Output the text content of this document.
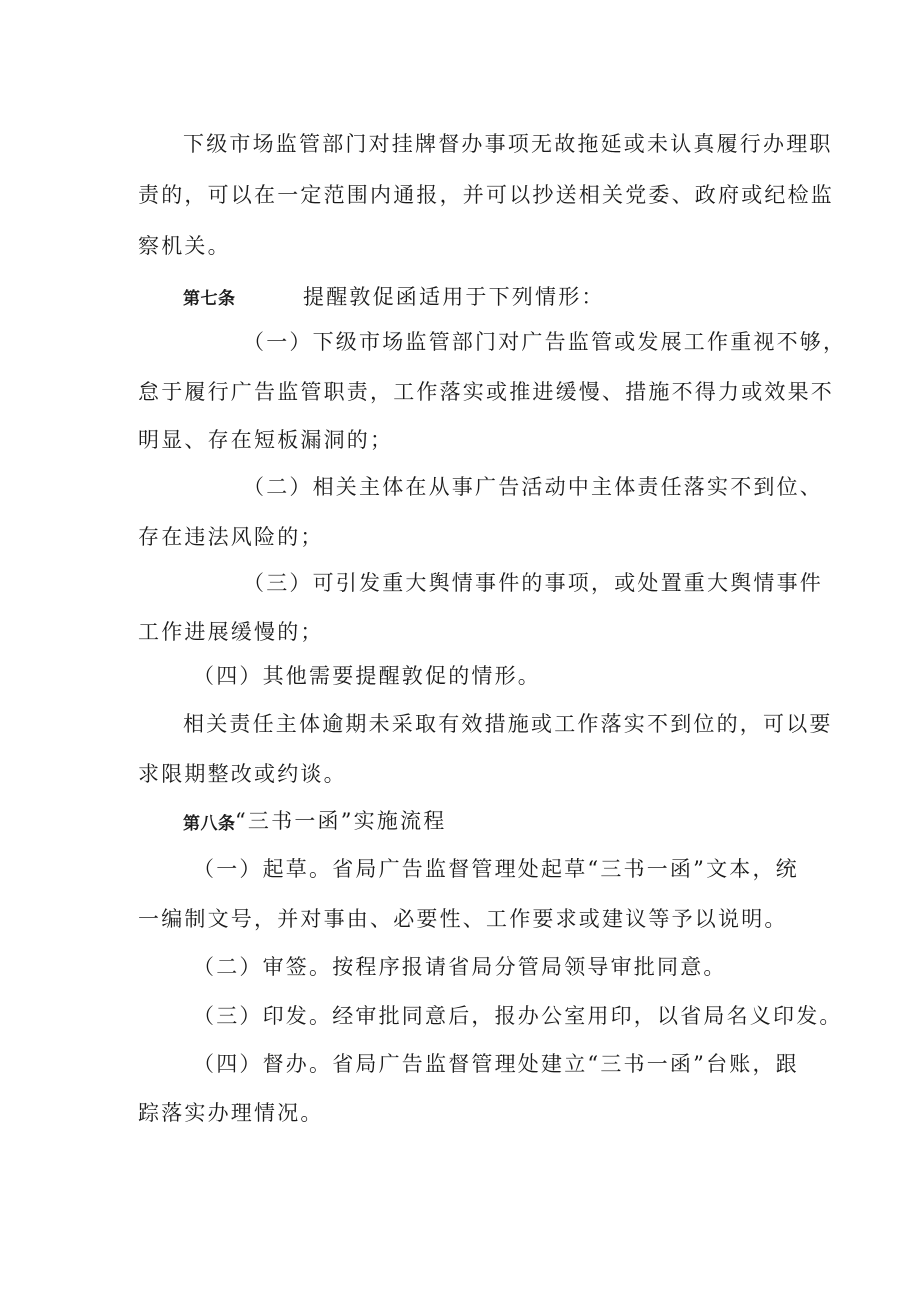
下级市场监管部门对挂牌督办事项无故拖延或未认真履行办理职
责的，可以在一定范围内通报，并可以抄送相关党委、政府或纪检监
察机关。
第七条	提醒敦促函适用于下列情形：
（一）下级市场监管部门对广告监管或发展工作重视不够，
怠于履行广告监管职责，工作落实或推进缓慢、措施不得力或效果不
明显、存在短板漏洞的；
（二）相关主体在从事广告活动中主体责任落实不到位、
存在违法风险的；
（三）可引发重大舆情事件的事项，或处置重大舆情事件
工作进展缓慢的；
（四）其他需要提醒敦促的情形。
相关责任主体逾期未采取有效措施或工作落实不到位的，可以要
求限期整改或约谈。
第八条 “三书一函”实施流程
（一）起草。省局广告监督管理处起草“三书一函”文本，统
一编制文号，并对事由、必要性、工作要求或建议等予以说明。
（二）审签。按程序报请省局分管局领导审批同意。
（三）印发。经审批同意后，报办公室用印，以省局名义印发。
（四）督办。省局广告监督管理处建立“三书一函”台账，跟
踪落实办理情况。
